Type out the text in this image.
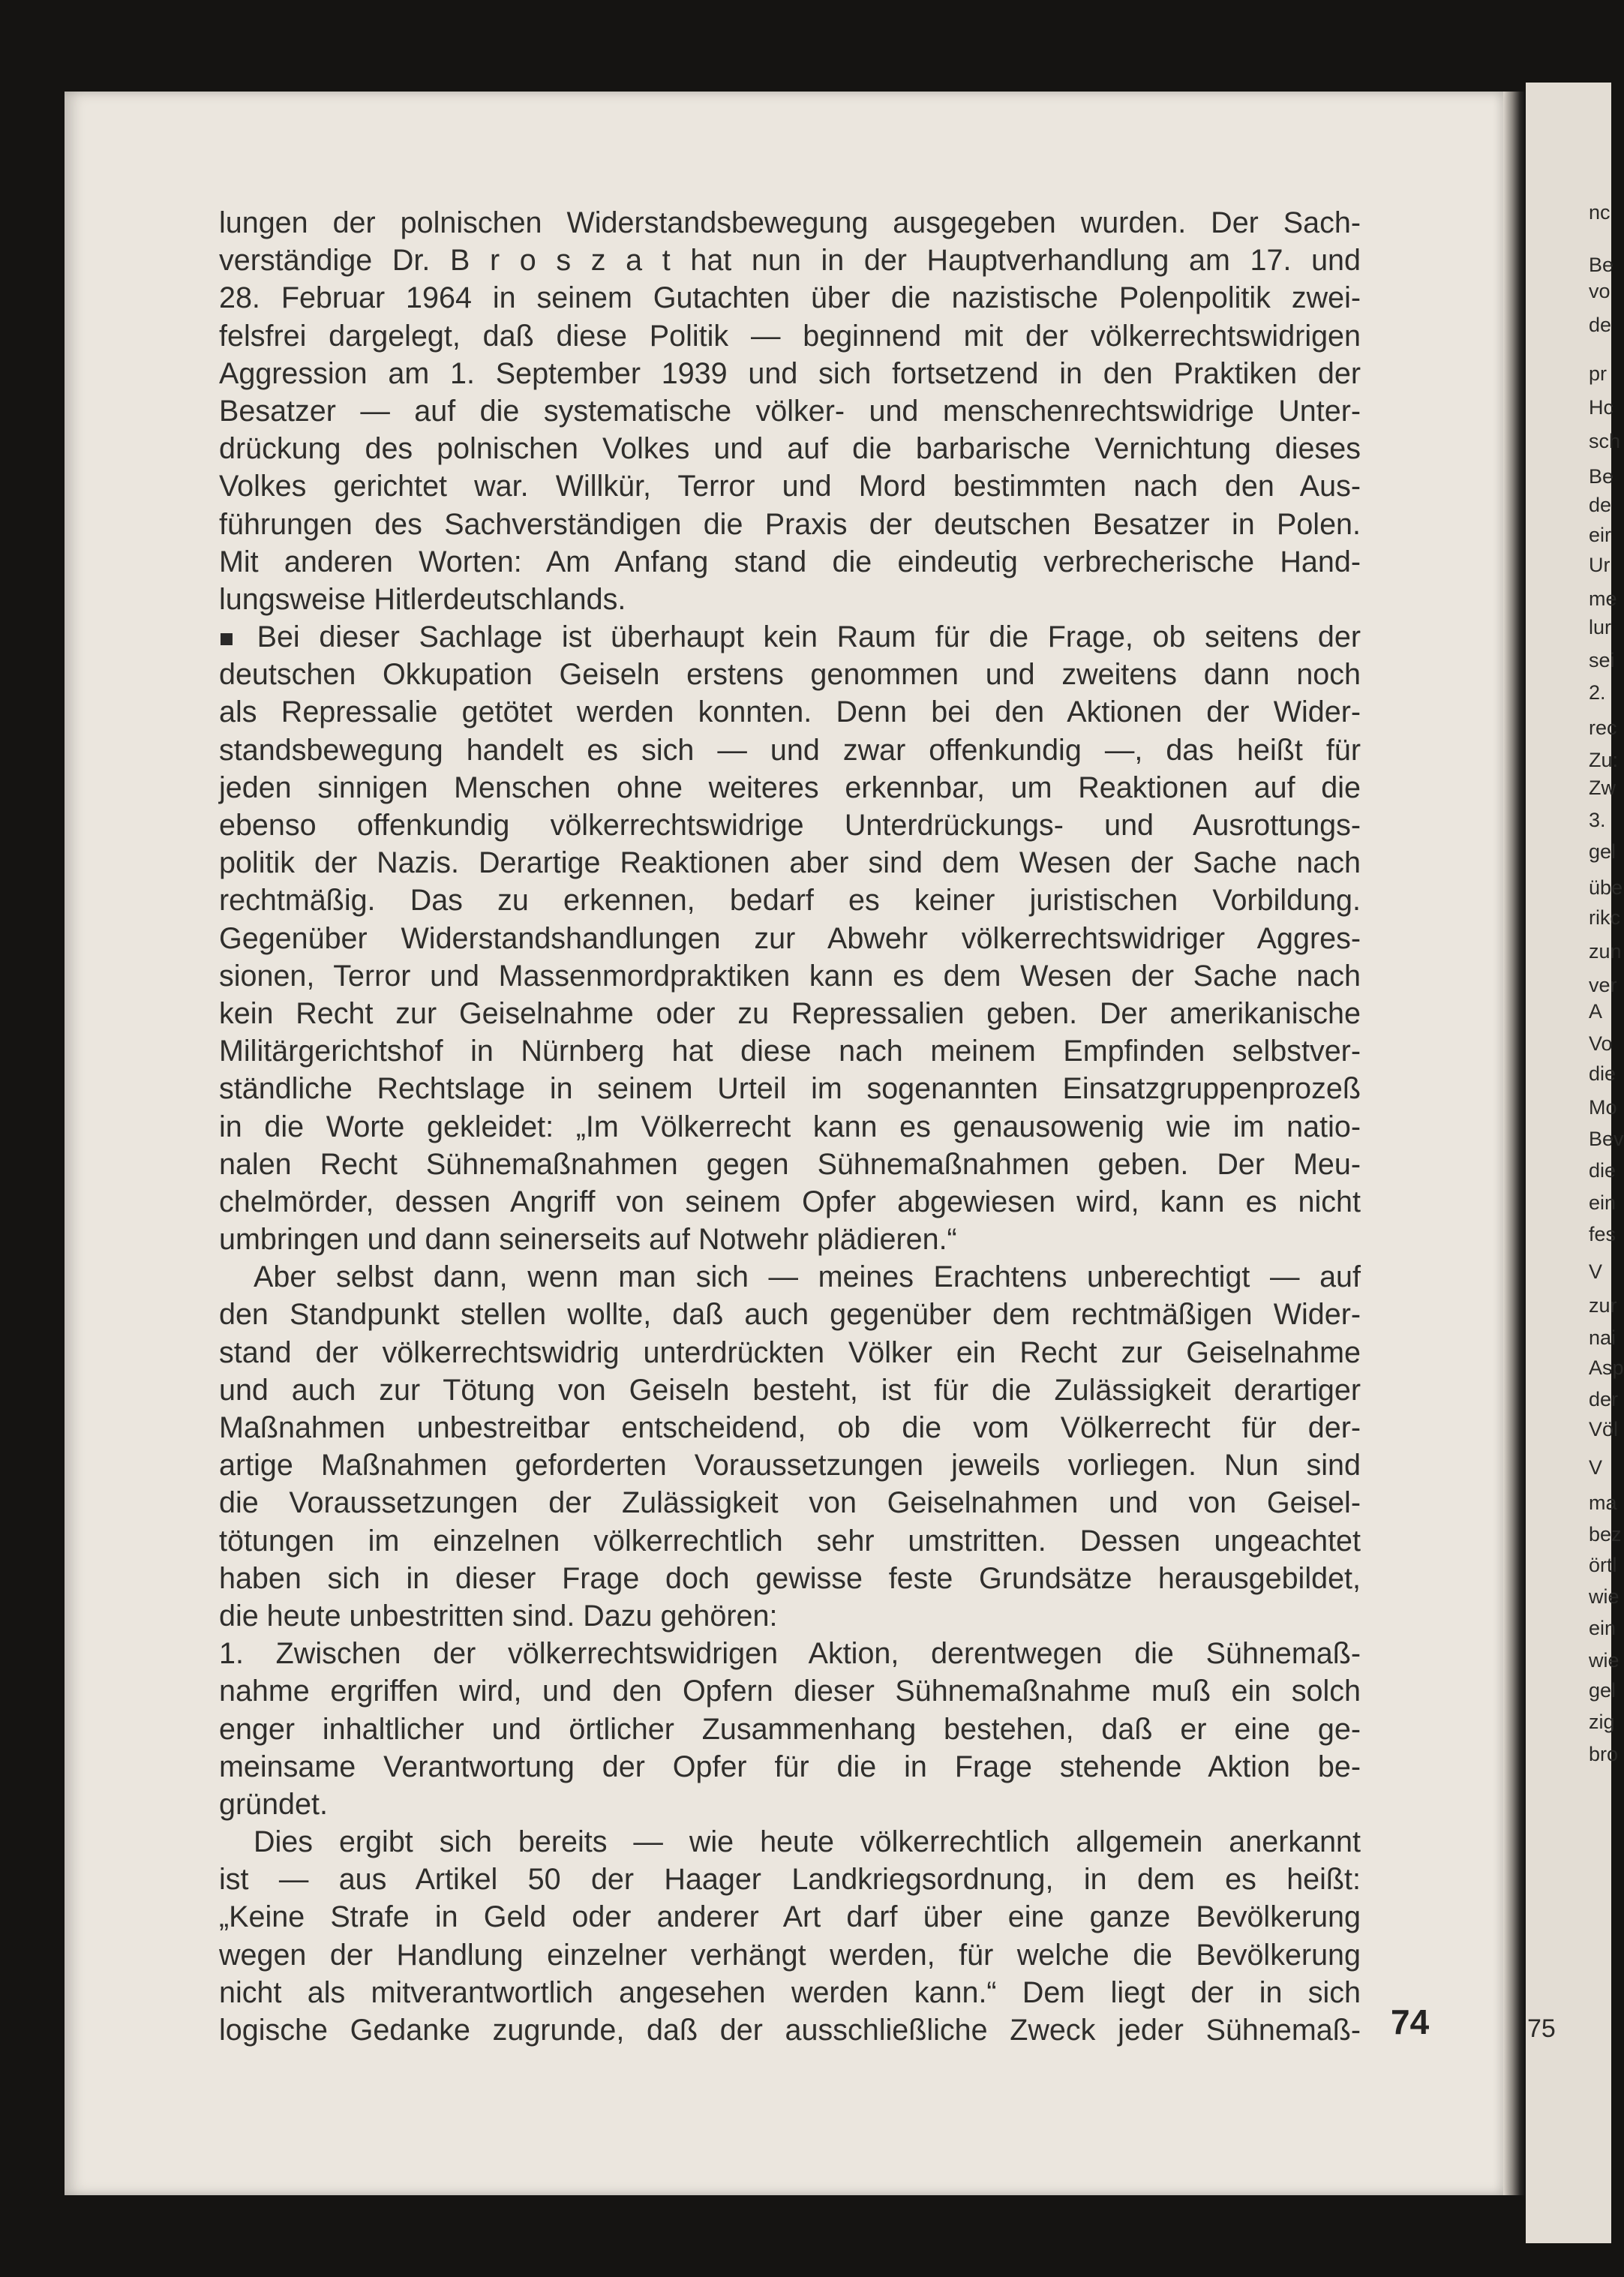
nc
Be
vo
de
pr
Hc
sch
Be
de
eir
Ur
me
lur
sei
2.
rec
Zu:
Zw
3.
gel
übe
rikc
zun
ver
A
Vo
die
Mo
Bev
die
ein
fes
V
zur
nai
Asp
der
Völ
V
ma
bez
örtl
wie
ein
wie
gel
zig
bro
lungen der polnischen Widerstandsbewegung ausgegeben wurden. Der Sach-
verständige Dr. B r o s z a t hat nun in der Hauptverhandlung am 17. und
28. Februar 1964 in seinem Gutachten über die nazistische Polenpolitik zwei-
felsfrei dargelegt, daß diese Politik — beginnend mit der völkerrechtswidrigen
Aggression am 1. September 1939 und sich fortsetzend in den Praktiken der
Besatzer — auf die systematische völker- und menschenrechtswidrige Unter-
drückung des polnischen Volkes und auf die barbarische Vernichtung dieses
Volkes gerichtet war. Willkür, Terror und Mord bestimmten nach den Aus-
führungen des Sachverständigen die Praxis der deutschen Besatzer in Polen.
Mit anderen Worten: Am Anfang stand die eindeutig verbrecherische Hand-
lungsweise Hitlerdeutschlands.
■ Bei dieser Sachlage ist überhaupt kein Raum für die Frage, ob seitens der
deutschen Okkupation Geiseln erstens genommen und zweitens dann noch
als Repressalie getötet werden konnten. Denn bei den Aktionen der Wider-
standsbewegung handelt es sich — und zwar offenkundig —, das heißt für
jeden sinnigen Menschen ohne weiteres erkennbar, um Reaktionen auf die
ebenso offenkundig völkerrechtswidrige Unterdrückungs- und Ausrottungs-
politik der Nazis. Derartige Reaktionen aber sind dem Wesen der Sache nach
rechtmäßig. Das zu erkennen, bedarf es keiner juristischen Vorbildung.
Gegenüber Widerstandshandlungen zur Abwehr völkerrechtswidriger Aggres-
sionen, Terror und Massenmordpraktiken kann es dem Wesen der Sache nach
kein Recht zur Geiselnahme oder zu Repressalien geben. Der amerikanische
Militärgerichtshof in Nürnberg hat diese nach meinem Empfinden selbstver-
ständliche Rechtslage in seinem Urteil im sogenannten Einsatzgruppenprozeß
in die Worte gekleidet: „Im Völkerrecht kann es genausowenig wie im natio-
nalen Recht Sühnemaßnahmen gegen Sühnemaßnahmen geben. Der Meu-
chelmörder, dessen Angriff von seinem Opfer abgewiesen wird, kann es nicht
umbringen und dann seinerseits auf Notwehr plädieren.“
Aber selbst dann, wenn man sich — meines Erachtens unberechtigt — auf
den Standpunkt stellen wollte, daß auch gegenüber dem rechtmäßigen Wider-
stand der völkerrechtswidrig unterdrückten Völker ein Recht zur Geiselnahme
und auch zur Tötung von Geiseln besteht, ist für die Zulässigkeit derartiger
Maßnahmen unbestreitbar entscheidend, ob die vom Völkerrecht für der-
artige Maßnahmen geforderten Voraussetzungen jeweils vorliegen. Nun sind
die Voraussetzungen der Zulässigkeit von Geiselnahmen und von Geisel-
tötungen im einzelnen völkerrechtlich sehr umstritten. Dessen ungeachtet
haben sich in dieser Frage doch gewisse feste Grundsätze herausgebildet,
die heute unbestritten sind. Dazu gehören:
1. Zwischen der völkerrechtswidrigen Aktion, derentwegen die Sühnemaß-
nahme ergriffen wird, und den Opfern dieser Sühnemaßnahme muß ein solch
enger inhaltlicher und örtlicher Zusammenhang bestehen, daß er eine ge-
meinsame Verantwortung der Opfer für die in Frage stehende Aktion be-
gründet.
Dies ergibt sich bereits — wie heute völkerrechtlich allgemein anerkannt
ist — aus Artikel 50 der Haager Landkriegsordnung, in dem es heißt:
„Keine Strafe in Geld oder anderer Art darf über eine ganze Bevölkerung
wegen der Handlung einzelner verhängt werden, für welche die Bevölkerung
nicht als mitverantwortlich angesehen werden kann.“ Dem liegt der in sich
logische Gedanke zugrunde, daß der ausschließliche Zweck jeder Sühnemaß- 74	75
